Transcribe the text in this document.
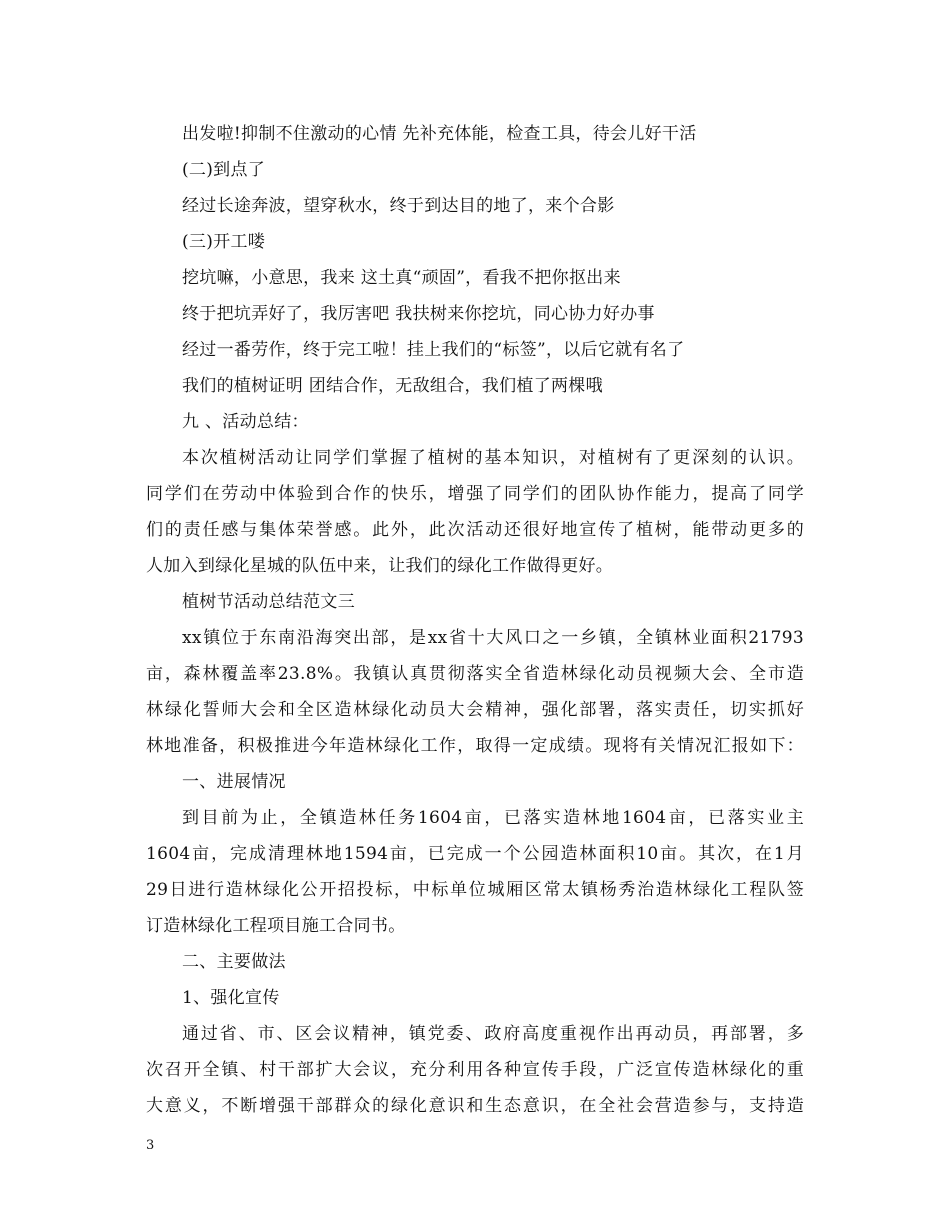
出发啦!抑制不住激动的心情 先补充体能，检查工具，待会儿好干活
(二)到点了
经过长途奔波，望穿秋水，终于到达目的地了，来个合影
(三)开工喽
挖坑嘛，小意思，我来 这土真“顽固”，看我不把你抠出来
终于把坑弄好了，我厉害吧 我扶树来你挖坑，同心协力好办事
经过一番劳作，终于完工啦！挂上我们的“标签”，以后它就有名了
我们的植树证明 团结合作，无敌组合，我们植了两棵哦
九 、活动总结：
本次植树活动让同学们掌握了植树的基本知识，对植树有了更深刻的认识。
同学们在劳动中体验到合作的快乐，增强了同学们的团队协作能力，提高了同学
们的责任感与集体荣誉感。此外，此次活动还很好地宣传了植树，能带动更多的
人加入到绿化星城的队伍中来，让我们的绿化工作做得更好。
植树节活动总结范文三
xx镇位于东南沿海突出部，是xx省十大风口之一乡镇，全镇林业面积21793
亩，森林覆盖率23.8%。我镇认真贯彻落实全省造林绿化动员视频大会、全市造
林绿化誓师大会和全区造林绿化动员大会精神，强化部署，落实责任，切实抓好
林地准备，积极推进今年造林绿化工作，取得一定成绩。现将有关情况汇报如下：
一、进展情况
到目前为止，全镇造林任务1604亩，已落实造林地1604亩，已落实业主
1604亩，完成清理林地1594亩，已完成一个公园造林面积10亩。其次，在1月
29日进行造林绿化公开招投标，中标单位城厢区常太镇杨秀治造林绿化工程队签
订造林绿化工程项目施工合同书。
二、主要做法
1、强化宣传
通过省、市、区会议精神，镇党委、政府高度重视作出再动员，再部署，多
次召开全镇、村干部扩大会议，充分利用各种宣传手段，广泛宣传造林绿化的重
大意义，不断增强干部群众的绿化意识和生态意识，在全社会营造参与，支持造
3
